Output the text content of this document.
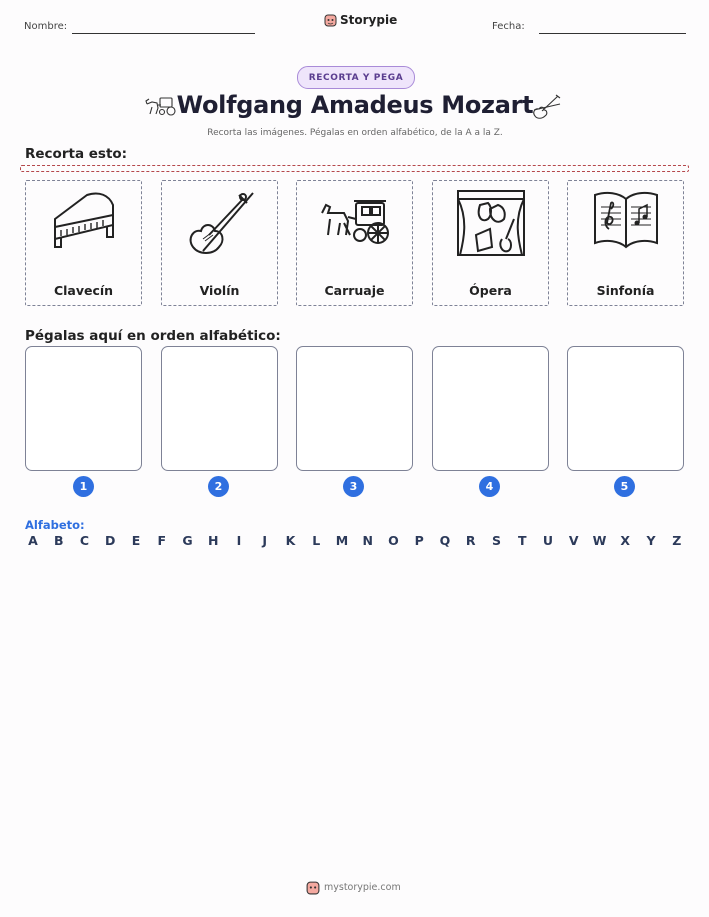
Nombre:	Storypie	Fecha:
RECORTA Y PEGA
Wolfgang Amadeus Mozart
Recorta las imágenes. Pégalas en orden alfabético, de la A a la Z.
Recorta esto:
Clavecín	Violín	Carruaje	Ópera	Sinfonía
Pégalas aquí en orden alfabético:
1	2	3	4	5
Alfabeto:
A B C D E F G H	I	J	K	L	M N O P Q R S T U V W X Y Z
mystorypie.com
